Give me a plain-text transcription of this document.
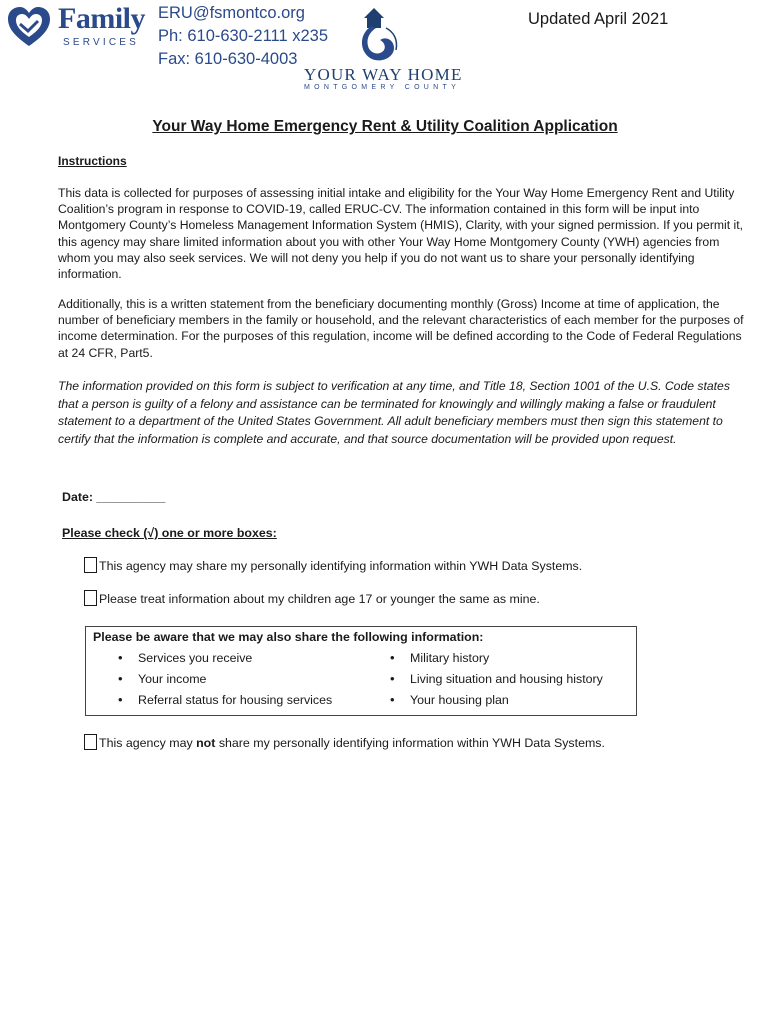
Family
SERVICES
ERU@fsmontco.org
Ph: 610-630-2111 x235
Fax: 610-630-4003
YOUR WAY HOME
MONTGOMERY COUNTY
Updated April 2021
Your Way Home Emergency Rent & Utility Coalition Application
Instructions
This data is collected for purposes of assessing initial intake and eligibility for the Your Way Home Emergency Rent and Utility Coalition’s program in response to COVID-19, called ERUC-CV. The information contained in this form will be input into Montgomery County’s Homeless Management Information System (HMIS), Clarity, with your signed permission. If you permit it, this agency may share limited information about you with other Your Way Home Montgomery County (YWH) agencies from whom you may also seek services. We will not deny you help if you do not want us to share your personally identifying information.
Additionally, this is a written statement from the beneficiary documenting monthly (Gross) Income at time of application, the number of beneficiary members in the family or household, and the relevant characteristics of each member for the purposes of income determination. For the purposes of this regulation, income will be defined according to the Code of Federal Regulations at 24 CFR, Part5.
The information provided on this form is subject to verification at any time, and Title 18, Section 1001 of the U.S. Code states that a person is guilty of a felony and assistance can be terminated for knowingly and willingly making a false or fraudulent statement to a department of the United States Government. All adult beneficiary members must then sign this statement to certify that the information is complete and accurate, and that source documentation will be provided upon request.
Date: __________
Please check (√) one or more boxes:
This agency may share my personally identifying information within YWH Data Systems.
Please treat information about my children age 17 or younger the same as mine.
Please be aware that we may also share the following information:
• Services you receive
• Your income
• Referral status for housing services
• Military history
• Living situation and housing history
• Your housing plan
This agency may not share my personally identifying information within YWH Data Systems.
